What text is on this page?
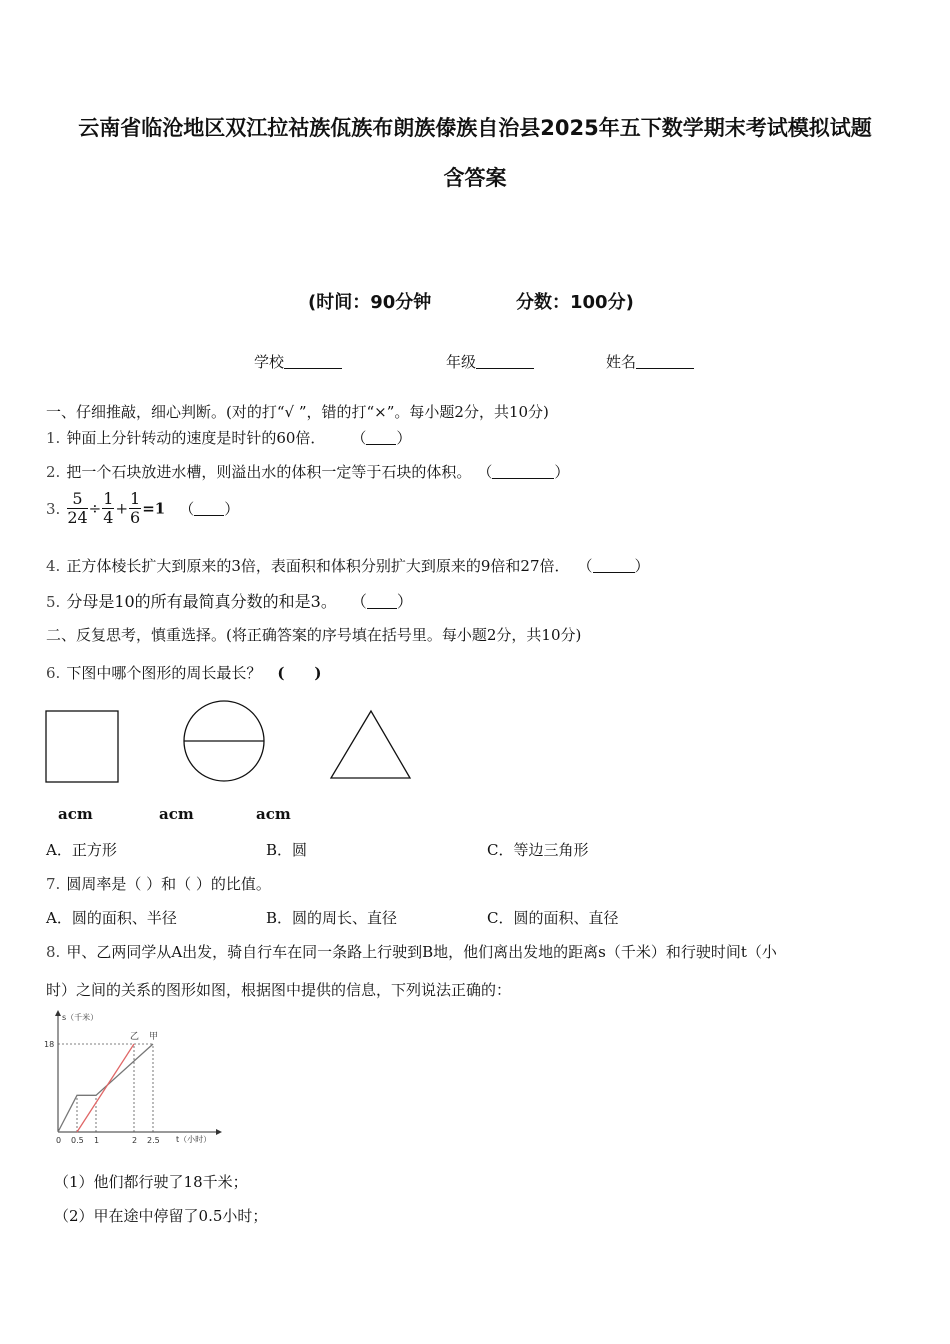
云南省临沧地区双江拉祜族佤族布朗族傣族自治县2025年五下数学期末考试模拟试题
含答案
(时间：90分钟	分数：100分)
学校	年级	姓名
一、仔细推敲，细心判断。(对的打“√ ”，错的打“×”。每小题2分，共10分)
1. 钟面上分针转动的速度是时针的60倍． （ ）
2. 把一个石块放进水槽，则溢出水的体积一定等于石块的体积。 （	）
3. $\frac{5}{24} \div \frac{1}{4} + \frac{1}{6} =1$ （ ）
4. 正方体棱长扩大到原来的3倍，表面积和体积分别扩大到原来的9倍和27倍． （	）
5. 分母是10的所有最简真分数的和是3。 （ ）
二、反复思考，慎重选择。(将正确答案的序号填在括号里。每小题2分，共10分)
6. 下图中哪个图形的周长最长？ (　　)
acm	acm	acm
A．正方形	B．圆	C．等边三角形
7. 圆周率是（ ）和（ ）的比值。
A．圆的面积、半径	B．圆的周长、直径	C．圆的面积、直径
8. 甲、乙两同学从A出发，骑自行车在同一条路上行驶到B地，他们离出发地的距离s（千米）和行驶时间t（小
时）之间的关系的图形如图，根据图中提供的信息，下列说法正确的：
s（千米）
t（小时）
18
0 0.5 1	2 2.5
甲
乙
（1）他们都行驶了18千米；
（2）甲在途中停留了0.5小时；
